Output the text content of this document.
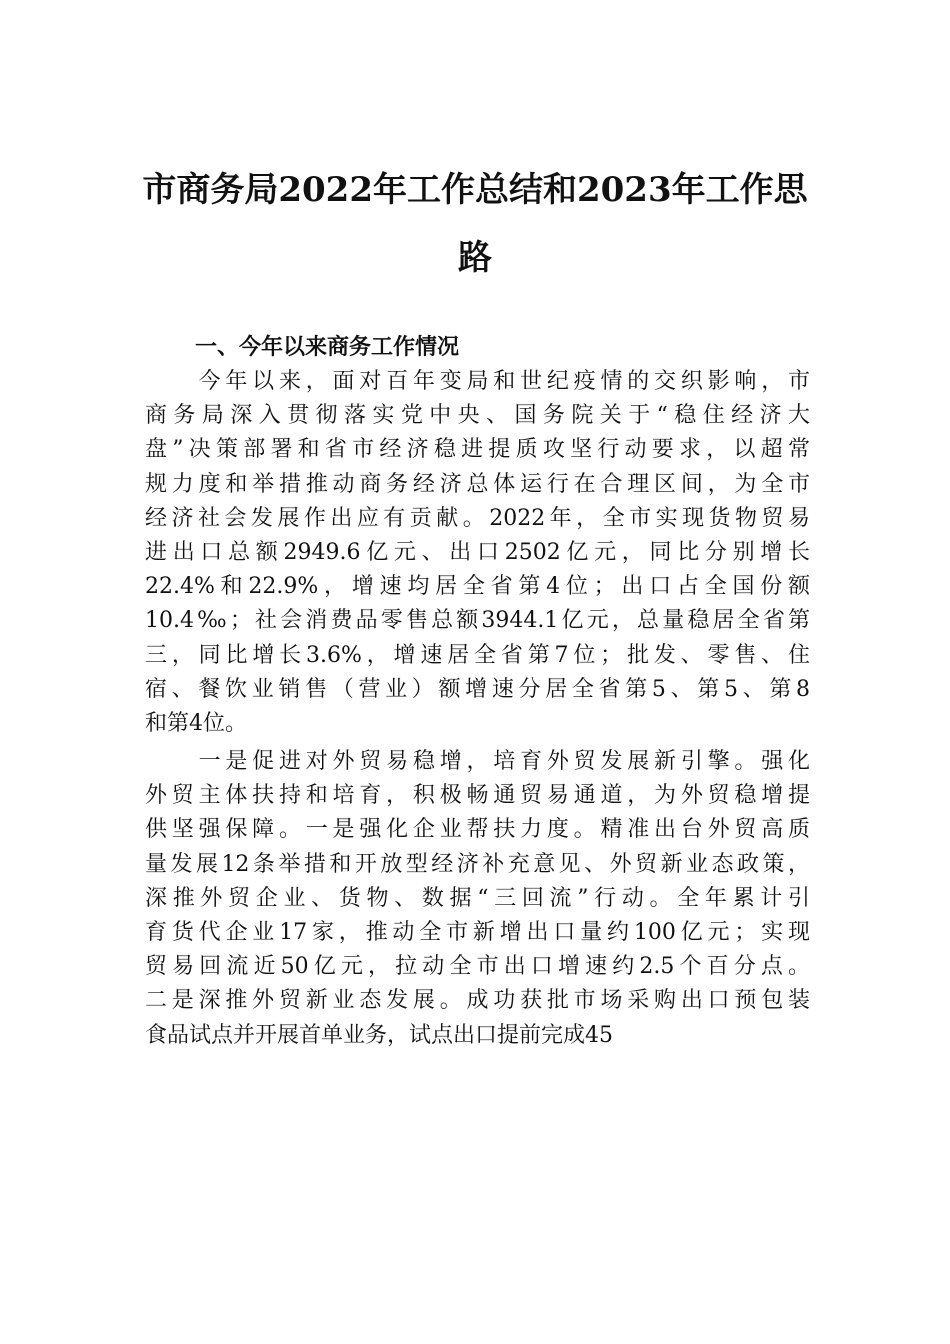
市商务局2022年工作总结和2023年工作思
路
一、今年以来商务工作情况
　　今年以来，面对百年变局和世纪疫情的交织影响，市
商务局深入贯彻落实党中央、国务院关于“稳住经济大
盘”决策部署和省市经济稳进提质攻坚行动要求，以超常
规力度和举措推动商务经济总体运行在合理区间，为全市
经济社会发展作出应有贡献。2022年，全市实现货物贸易
进出口总额2949.6亿元、出口2502亿元，同比分别增长
22.4%和22.9%，增速均居全省第4位；出口占全国份额
10.4‰；社会消费品零售总额3944.1亿元，总量稳居全省第
三，同比增长3.6%，增速居全省第7位；批发、零售、住
宿、餐饮业销售（营业）额增速分居全省第5、第5、第8
和第4位。
　　一是促进对外贸易稳增，培育外贸发展新引擎。强化
外贸主体扶持和培育，积极畅通贸易通道，为外贸稳增提
供坚强保障。一是强化企业帮扶力度。精准出台外贸高质
量发展12条举措和开放型经济补充意见、外贸新业态政策，
深推外贸企业、货物、数据“三回流”行动。全年累计引
育货代企业17家，推动全市新增出口量约100亿元；实现
贸易回流近50亿元，拉动全市出口增速约2.5个百分点。
二是深推外贸新业态发展。成功获批市场采购出口预包装
食品试点并开展首单业务，试点出口提前完成45
